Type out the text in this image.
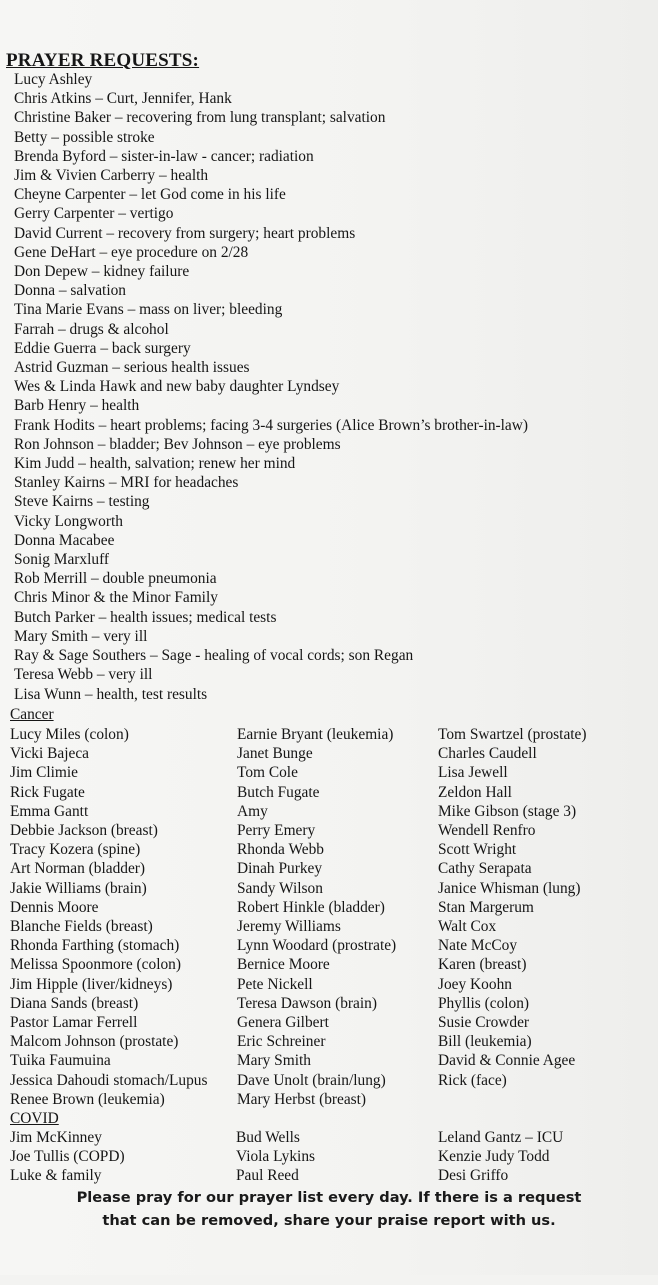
PRAYER REQUESTS:
Lucy Ashley
Chris Atkins – Curt, Jennifer, Hank
Christine Baker – recovering from lung transplant; salvation
Betty – possible stroke
Brenda Byford – sister-in-law - cancer; radiation
Jim & Vivien Carberry – health
Cheyne Carpenter – let God come in his life
Gerry Carpenter – vertigo
David Current – recovery from surgery; heart problems
Gene DeHart – eye procedure on 2/28
Don Depew – kidney failure
Donna – salvation
Tina Marie Evans – mass on liver; bleeding
Farrah – drugs & alcohol
Eddie Guerra – back surgery
Astrid Guzman – serious health issues
Wes & Linda Hawk and new baby daughter Lyndsey
Barb Henry – health
Frank Hodits – heart problems; facing 3-4 surgeries (Alice Brown’s brother-in-law)
Ron Johnson – bladder; Bev Johnson – eye problems
Kim Judd – health, salvation; renew her mind
Stanley Kairns – MRI for headaches
Steve Kairns – testing
Vicky Longworth
Donna Macabee
Sonig Marxluff
Rob Merrill – double pneumonia
Chris Minor & the Minor Family
Butch Parker – health issues; medical tests
Mary Smith – very ill
Ray & Sage Southers – Sage - healing of vocal cords; son Regan
Teresa Webb – very ill
Lisa Wunn – health, test results
Cancer
Lucy Miles (colon)
Vicki Bajeca
Jim Climie
Rick Fugate
Emma Gantt
Debbie Jackson (breast)
Tracy Kozera (spine)
Art Norman (bladder)
Jakie Williams (brain)
Dennis Moore
Blanche Fields (breast)
Rhonda Farthing (stomach)
Melissa Spoonmore (colon)
Jim Hipple (liver/kidneys)
Diana Sands (breast)
Pastor Lamar Ferrell
Malcom Johnson (prostate)
Tuika Faumuina
Jessica Dahoudi stomach/Lupus
Renee Brown (leukemia)
Earnie Bryant (leukemia)
Janet Bunge
Tom Cole
Butch Fugate
Amy
Perry Emery
Rhonda Webb
Dinah Purkey
Sandy Wilson
Robert Hinkle (bladder)
Jeremy Williams
Lynn Woodard (prostrate)
Bernice Moore
Pete Nickell
Teresa Dawson (brain)
Genera Gilbert
Eric Schreiner
Mary Smith
Dave Unolt (brain/lung)
Mary Herbst (breast)
Tom Swartzel (prostate)
Charles Caudell
Lisa Jewell
Zeldon Hall
Mike Gibson (stage 3)
Wendell Renfro
Scott Wright
Cathy Serapata
Janice Whisman (lung)
Stan Margerum
Walt Cox
Nate McCoy
Karen (breast)
Joey Koohn
Phyllis (colon)
Susie Crowder
Bill (leukemia)
David & Connie Agee
Rick (face)
COVID
Jim McKinney
Joe Tullis (COPD)
Luke & family
Bud Wells
Viola Lykins
Paul Reed
Leland Gantz – ICU
Kenzie Judy Todd
Desi Griffo
Please pray for our prayer list every day. If there is a request
that can be removed, share your praise report with us.
